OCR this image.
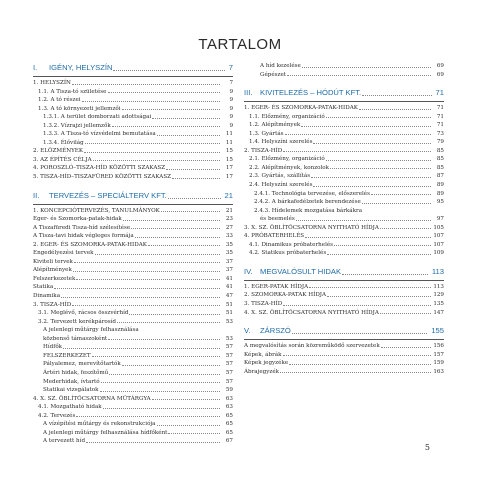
TARTALOM
I.	IGÉNY, HELYSZÍN	7
1. HELYSZÍN	7
1.1. A Tisza-tó születése	9
1.2. A tó részei	9
1.3. A tó környezeti jellemzői	9
1.3.1. A terület domborzati adottságai	9
1.3.2. Vízrajzi jellemzők	9
1.3.3. A Tisza-tó vízvédelmi bemutatása	11
1.3.4. Élővilág	11
2. ELŐZMÉNYEK	15
3. AZ ÉPÍTÉS CÉLJA	15
4. POROSZLÓ–TISZA-HÍD KÖZÖTTI SZAKASZ	17
5. TISZA-HÍD–TISZAFÜRED KÖZÖTTI SZAKASZ	17
II.	TERVEZÉS – SPECIÁLTERV KFT.	21
1. KONCEPCIÓTERVEZÉS, TANULMÁNYOK	21
Eger- és Szomorka-patak-hidak	23
A Tiszafüredi Tisza-híd szélesítése	27
A Tisza-tavi hidak végleges formája	33
2. EGER- ÉS SZOMORKA-PATAK-HIDAK	35
Engedélyezési tervek	35
Kiviteli tervek	37
Alépítmények	37
Felszerkezetek	41
Statika	41
Dinamika	47
3. TISZA-HÍD	51
3.1. Meglévő, rácsos összvérhíd	51
3.2. Tervezett kerékpárosíd	53
A jelenlegi műtárgy felhasználása
közbenső támaszoként	53
Hídfők	57
FELSZERKEZET	57
Pályalemez, merevítőtartók	57
Ártéri hidak, feszítőmű	57
Mederhidak, ívtartó	57
Statikai vizsgálatok	59
4. X. SZ. ÖBLÍTŐCSATORNA MŰTÁRGYA	63
4.1. Mozgatható hidak	63
4.2. Tervezés	65
A vízépítési műtárgy és rekonstrukciója	65
A jelenlegi műtárgy felhasználása hídfőként	65
A tervezett híd	67
A híd kezelése	69
Gépészet	69
III. KIVITELEZÉS – HÓDÚT KFT.	71
1. EGER- ÉS SZOMORKA-PATAK-HIDAK	71
1.1. Előzmény, organizáció	71
1.2. Alépítmények	71
1.3. Gyártás	73
1.4. Helyszíni szerelés	79
2. TISZA-HÍD	85
2.1. Előzmény, organizáció	85
2.2. Alépítmények, konzolok	85
2.3. Gyártás, szállítás	87
2.4. Helyszíni szerelés	89
2.4.1. Technológia tervezése, előszerelés	89
2.4.2. A bárkafedélzetek berendezése	95
2.4.3. Hídelemek mozgatása bárkákra
és beemelés	97
3. X. SZ. ÖBLÍTŐCSATORNA NYITHATÓ HÍDJA	105
4. PRÓBATERHELÉS	107
4.1. Dinamikus próbaterhelés	107
4.2. Statikus próbaterhelés	109
IV. MEGVALÓSULT HIDAK	113
1. EGER-PATAK HÍDJA	113
2. SZOMORKA-PATAK HÍDJA	129
3. TISZA-HÍD	135
4. X. SZ. ÖBLÍTŐCSATORNA NYITHATÓ HÍDJA	147
V.	ZÁRSZÓ	155
A megvalósítás során közreműködő szervezetek	156
Képek, ábrák	157
Képek jegyzéke	159
Ábrajegyzék	163
5
